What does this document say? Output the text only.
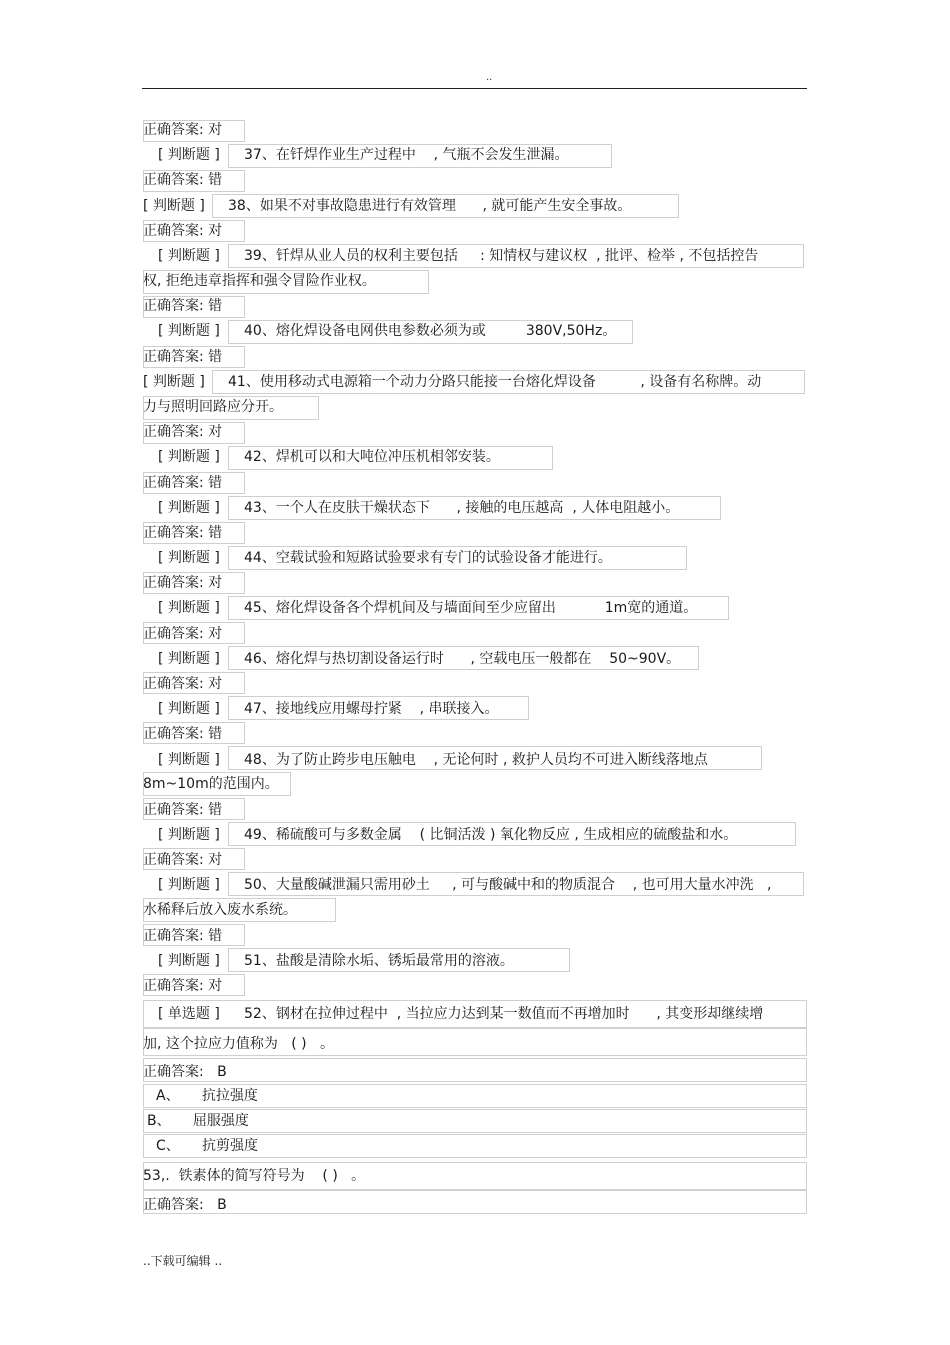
..
正确答案: 对
[ 判断题 ] 37、在钎焊作业生产过程中    , 气瓶不会发生泄漏。
正确答案: 错
[ 判断题 ] 38、如果不对事故隐患进行有效管理      , 就可能产生安全事故。
正确答案: 对
[ 判断题 ] 39、钎焊从业人员的权利主要包括     : 知情权与建议权  , 批评、检举 , 不包括控告
权, 拒绝违章指挥和强令冒险作业权。
正确答案: 错
[ 判断题 ] 40、熔化焊设备电网供电参数必须为或         380V,50Hz。
正确答案: 错
[ 判断题 ] 41、使用移动式电源箱一个动力分路只能接一台熔化焊设备          , 设备有名称牌。动
力与照明回路应分开。
正确答案: 对
[ 判断题 ] 42、焊机可以和大吨位冲压机相邻安装。
正确答案: 错
[ 判断题 ] 43、一个人在皮肤干燥状态下      , 接触的电压越高  , 人体电阻越小。
正确答案: 错
[ 判断题 ] 44、空载试验和短路试验要求有专门的试验设备才能进行。
正确答案: 对
[ 判断题 ] 45、熔化焊设备各个焊机间及与墙面间至少应留出           1m宽的通道。
正确答案: 对
[ 判断题 ] 46、熔化焊与热切割设备运行时      , 空载电压一般都在    50~90V。
正确答案: 对
[ 判断题 ] 47、接地线应用螺母拧紧    , 串联接入。
正确答案: 错
[ 判断题 ] 48、为了防止跨步电压触电    , 无论何时 , 救护人员均不可进入断线落地点
8m~10m的范围内。
正确答案: 错
[ 判断题 ] 49、稀硫酸可与多数金属    ( 比铜活泼 ) 氧化物反应 , 生成相应的硫酸盐和水。
正确答案: 对
[ 判断题 ] 50、大量酸碱泄漏只需用砂土     , 可与酸碱中和的物质混合    , 也可用大量水冲洗   ,
水稀释后放入废水系统。
正确答案: 错
[ 判断题 ] 51、盐酸是清除水垢、锈垢最常用的溶液。
正确答案: 对
[ 单选题 ] 52、钢材在拉伸过程中  , 当拉应力达到某一数值而不再增加时      , 其变形却继续增
加, 这个拉应力值称为   ( )   。
正确答案:   B
A、     抗拉强度
B、     屈服强度
C、     抗剪强度
53,.  铁素体的简写符号为    ( )   。
正确答案:   B
..下载可编辑 ..
